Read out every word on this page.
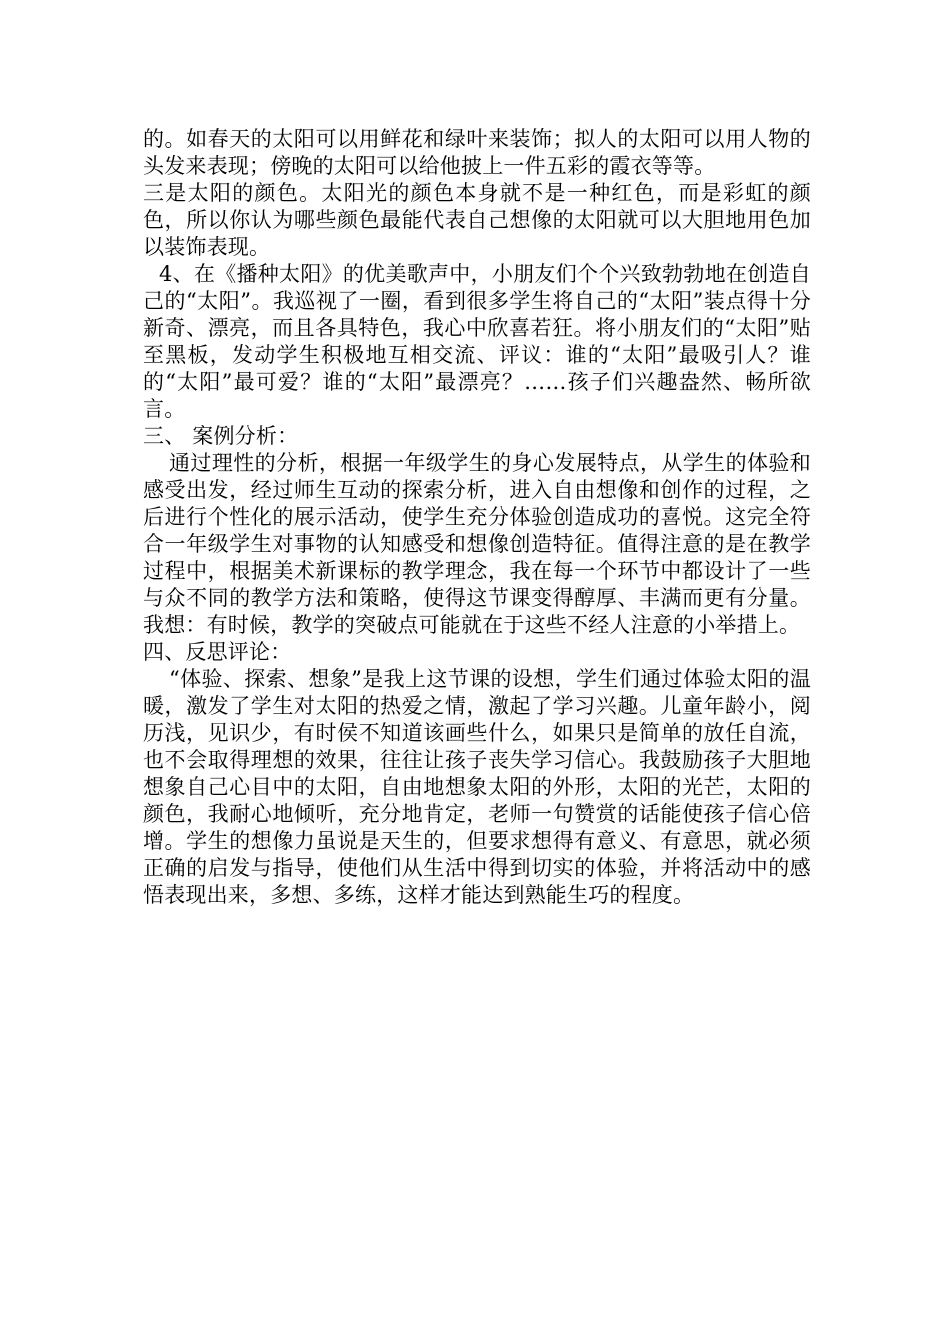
的。如春天的太阳可以用鲜花和绿叶来装饰；拟人的太阳可以用人物的头发来表现；傍晚的太阳可以给他披上一件五彩的霞衣等等。

三是太阳的颜色。太阳光的颜色本身就不是一种红色，而是彩虹的颜色，所以你认为哪些颜色最能代表自己想像的太阳就可以大胆地用色加以装饰表现。

4、在《播种太阳》的优美歌声中，小朋友们个个兴致勃勃地在创造自己的“太阳”。我巡视了一圈，看到很多学生将自己的“太阳”装点得十分新奇、漂亮，而且各具特色，我心中欣喜若狂。将小朋友们的“太阳”贴至黑板，发动学生积极地互相交流、评议：谁的“太阳”最吸引人？谁的“太阳”最可爱？谁的“太阳”最漂亮？……孩子们兴趣盎然、畅所欲言。

三、 案例分析：

通过理性的分析，根据一年级学生的身心发展特点，从学生的体验和感受出发，经过师生互动的探索分析，进入自由想像和创作的过程，之后进行个性化的展示活动，使学生充分体验创造成功的喜悦。这完全符合一年级学生对事物的认知感受和想像创造特征。值得注意的是在教学过程中，根据美术新课标的教学理念，我在每一个环节中都设计了一些与众不同的教学方法和策略，使得这节课变得醇厚、丰满而更有分量。我想：有时候，教学的突破点可能就在于这些不经人注意的小举措上。

四、反思评论：

“体验、探索、想象”是我上这节课的设想，学生们通过体验太阳的温暖，激发了学生对太阳的热爱之情，激起了学习兴趣。儿童年龄小，阅历浅，见识少，有时侯不知道该画些什么，如果只是简单的放任自流，也不会取得理想的效果，往往让孩子丧失学习信心。我鼓励孩子大胆地想象自己心目中的太阳，自由地想象太阳的外形，太阳的光芒，太阳的颜色，我耐心地倾听，充分地肯定，老师一句赞赏的话能使孩子信心倍增。学生的想像力虽说是天生的，但要求想得有意义、有意思，就必须正确的启发与指导，使他们从生活中得到切实的体验，并将活动中的感悟表现出来，多想、多练，这样才能达到熟能生巧的程度。
